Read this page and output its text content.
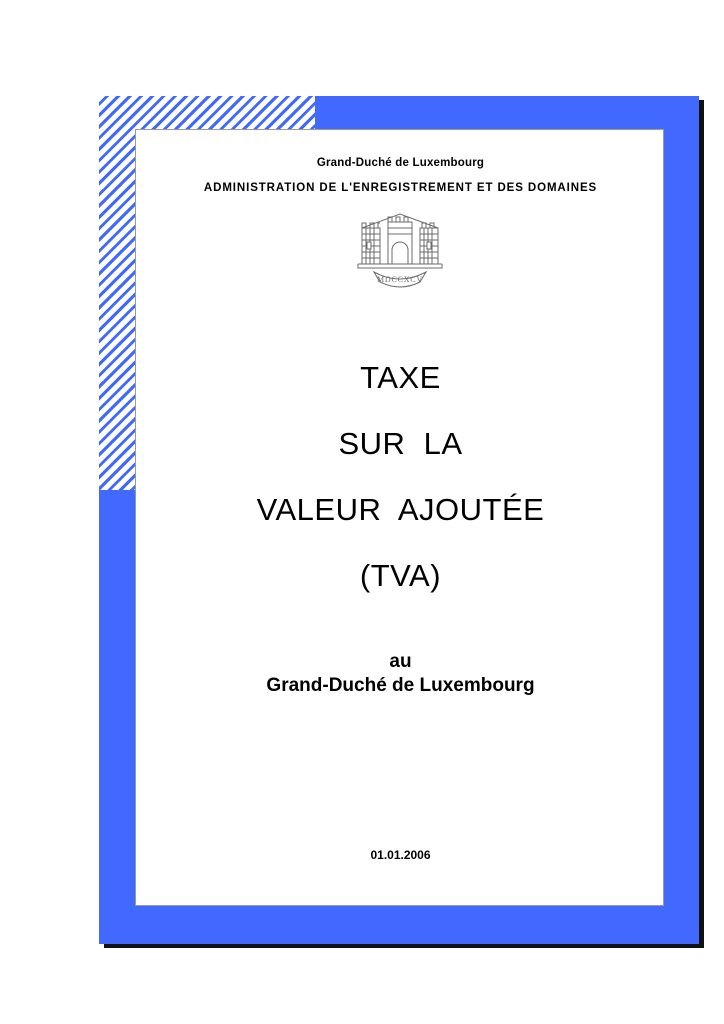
Grand-Duché de Luxembourg
ADMINISTRATION DE L'ENREGISTREMENT ET DES DOMAINES
MDCCXCV
TAXE
SUR  LA
VALEUR  AJOUTÉE
(TVA)
au
Grand-Duché de Luxembourg
01.01.2006
